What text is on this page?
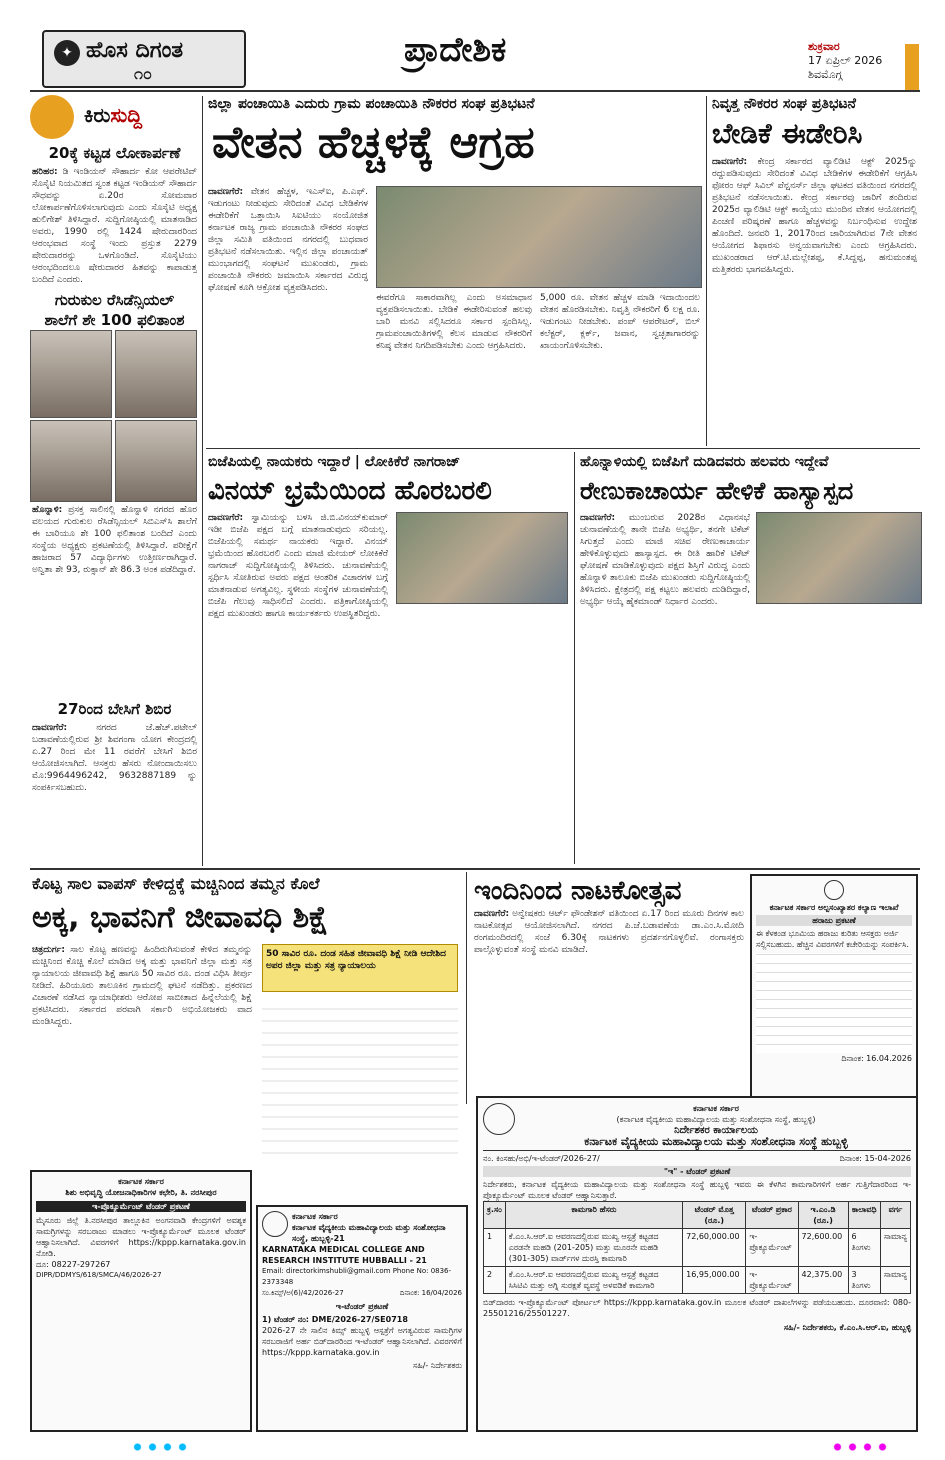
✦ ಹೊಸ ದಿಗಂತ
೧೦
ಪ್ರಾದೇಶಿಕ	ಶುಕ್ರವಾರ
17 ಏಪ್ರಿಲ್ 2026
ಶಿವಮೊಗ್ಗ
ಕಿರುಸುದ್ದಿ
20ಕ್ಕೆ ಕಟ್ಟಡ ಲೋಕಾರ್ಪಣೆ

ಹರಿಹರ: ಡಿ ಇಂಡಿಯನ್ ಸೌಹಾರ್ದ ಕೋ ಆಪರೇಟಿವ್ ಸೊಸೈಟಿ ನಿಯಮಿತದ ಸ್ವಂತ ಕಟ್ಟಡ ಇಂಡಿಯನ್ ಸೌಹಾರ್ದ ಸೌಧವನ್ನು ಏ.20ರ ಸೋಮವಾರ ಲೋಕಾರ್ಪಣೆಗೊಳಿಸಲಾಗುವುದು ಎಂದು ಸೊಸೈಟಿ ಅಧ್ಯಕ್ಷ ಹುಲಿಗೇಶ್ ತಿಳಿಸಿದ್ದಾರೆ. ಸುದ್ದಿಗೋಷ್ಠಿಯಲ್ಲಿ ಮಾತನಾಡಿದ ಅವರು, 1990 ರಲ್ಲಿ 1424 ಷೇರುದಾರರಿಂದ ಆರಂಭವಾದ ಸಂಸ್ಥೆ ಇಂದು ಪ್ರಸ್ತುತ 2279 ಷೇರುದಾರರನ್ನು ಒಳಗೊಂಡಿದೆ. ಸೊಸೈಟಿಯು ಆರಂಭದಿಂದಲೂ ಷೇರುದಾರರ ಹಿತವನ್ನು ಕಾಪಾಡುತ್ತ ಬಂದಿದೆ ಎಂದರು.

ಗುರುಕುಲ ರೆಸಿಡೆನ್ಸಿಯಲ್
ಶಾಲೆಗೆ ಶೇ 100 ಫಲಿತಾಂಶ

ಹೊನ್ನಾಳಿ: ಪ್ರಸಕ್ತ ಸಾಲಿನಲ್ಲಿ ಹೊನ್ನಾಳಿ ನಗರದ ಹೊರ ವಲಯದ ಗುರುಕುಲ ರೆಸಿಡೆನ್ಸಿಯಲ್ ಸಿಬಿಎಸ್‌ಸಿ ಶಾಲೆಗೆ ಈ ಬಾರಿಯೂ ಶೇ 100 ಫಲಿತಾಂಶ ಬಂದಿದೆ ಎಂದು ಸಂಸ್ಥೆಯ ಅಧ್ಯಕ್ಷರು ಪ್ರಕಟಣೆಯಲ್ಲಿ ತಿಳಿಸಿದ್ದಾರೆ. ಪರೀಕ್ಷೆಗೆ ಹಾಜರಾದ 57 ವಿದ್ಯಾರ್ಥಿಗಳು ಉತ್ತೀರ್ಣರಾಗಿದ್ದಾರೆ. ಅನ್ವಿತಾ ಶೇ 93, ರುಕ್ಸಾನ್ ಶೇ 86.3 ಅಂಕ ಪಡೆದಿದ್ದಾರೆ.

27ರಿಂದ ಬೇಸಿಗೆ ಶಿಬಿರ

ದಾವಣಗೆರೆ:	ನಗರದ ಜೆ.ಹೆಚ್.ಪಟೇಲ್ ಬಡಾವಣೆಯಲ್ಲಿರುವ ಶ್ರೀ ಶಿವಗಂಗಾ ಯೋಗ ಕೇಂದ್ರದಲ್ಲಿ ಏ.27 ರಿಂದ ಮೇ 11 ರವರೆಗೆ ಬೇಸಿಗೆ ಶಿಬಿರ ಆಯೋಜಿಸಲಾಗಿದೆ. ಆಸಕ್ತರು ಹೆಸರು ನೋಂದಾಯಿಸಲು ಮೊ:9964496242, 9632887189 ನ್ನು ಸಂಪರ್ಕಿಸಬಹುದು.

ಜಿಲ್ಲಾ ಪಂಚಾಯಿತಿ ಎದುರು ಗ್ರಾಮ ಪಂಚಾಯಿತಿ ನೌಕರರ ಸಂಘ ಪ್ರತಿಭಟನೆ
ವೇತನ ಹೆಚ್ಚಳಕ್ಕೆ ಆಗ್ರಹ

ದಾವಣಗೆರೆ: ವೇತನ ಹೆಚ್ಚಳ, ಇಎಸ್‌ಐ, ಪಿ.ಎಫ್. ಇಡುಗಂಟು ನೀಡುವುದು ಸೇರಿದಂತೆ ವಿವಿಧ ಬೇಡಿಕೆಗಳ ಈಡೇರಿಕೆಗೆ ಒತ್ತಾಯಿಸಿ ಸಿಐಟಿಯು ಸಂಯೋಜಿತ ಕರ್ನಾಟಕ ರಾಜ್ಯ ಗ್ರಾಮ ಪಂಚಾಯಿತಿ ನೌಕರರ ಸಂಘದ ಜಿಲ್ಲಾ ಸಮಿತಿ ವತಿಯಿಂದ ನಗರದಲ್ಲಿ ಬುಧವಾರ ಪ್ರತಿಭಟನೆ ನಡೆಸಲಾಯಿತು. ಇಲ್ಲಿನ ಜಿಲ್ಲಾ ಪಂಚಾಯತ್ ಮುಂಭಾಗದಲ್ಲಿ ಸಂಘಟನೆ ಮುಖಂಡರು, ಗ್ರಾಮ ಪಂಚಾಯಿತಿ ನೌಕರರು ಜಮಾಯಿಸಿ ಸರ್ಕಾರದ ವಿರುದ್ಧ ಘೋಷಣೆ ಕೂಗಿ ಆಕ್ರೋಶ ವ್ಯಕ್ತಪಡಿಸಿದರು.

ಈವರೆಗೂ ಸಾಕಾರವಾಗಿಲ್ಲ ಎಂದು ಅಸಮಾಧಾನ ವ್ಯಕ್ತಪಡಿಸಲಾಯಿತು. ಬೇಡಿಕೆ ಈಡೇರಿಸುವಂತೆ ಹಲವು ಬಾರಿ ಮನವಿ ಸಲ್ಲಿಸಿದರೂ ಸರ್ಕಾರ ಸ್ಪಂದಿಸಿಲ್ಲ. ಗ್ರಾಮಪಂಚಾಯಿತಿಗಳಲ್ಲಿ ಕೆಲಸ ಮಾಡುವ ನೌಕರರಿಗೆ ಕನಿಷ್ಠ ವೇತನ ನಿಗದಿಪಡಿಸಬೇಕು ಎಂದು ಆಗ್ರಹಿಸಿದರು.

5,000 ರೂ. ವೇತನ ಹೆಚ್ಚಳ ಮಾಡಿ ಇದಾಯಿಂದಲ ವೇತನ ಹೊರಡಿಸಬೇಕು. ನಿವೃತ್ತಿ ನೌಕರರಿಗೆ 6 ಲಕ್ಷ ರೂ. ಇಡುಗಂಟು ನೀಡಬೇಕು. ಪಂಪ್ ಆಪರೇಟರ್, ಬಿಲ್ ಕಲೆಕ್ಟರ್, ಕ್ಲರ್ಕ್, ಜವಾನ, ಸ್ವಚ್ಛತಾಗಾರರನ್ನು ಖಾಯಂಗೊಳಿಸಬೇಕು.

ನಿವೃತ್ತ ನೌಕರರ ಸಂಘ ಪ್ರತಿಭಟನೆ
ಬೇಡಿಕೆ ಈಡೇರಿಸಿ

ದಾವಣಗೆರೆ: ಕೇಂದ್ರ ಸರ್ಕಾರದ ವ್ಯಾಲಿಡಿಟಿ ಆಕ್ಟ್ 2025ನ್ನು ರದ್ದುಪಡಿಸುವುದು ಸೇರಿದಂತೆ ವಿವಿಧ ಬೇಡಿಕೆಗಳ ಈಡೇರಿಕೆಗೆ ಆಗ್ರಹಿಸಿ ಫೋರಂ ಆಫ್ ಸಿವಿಲ್ ಪೆನ್ಷನರ್ಸ್ ಜಿಲ್ಲಾ ಘಟಕದ ವತಿಯಿಂದ ನಗರದಲ್ಲಿ ಪ್ರತಿಭಟನೆ ನಡೆಸಲಾಯಿತು. ಕೇಂದ್ರ ಸರ್ಕಾರವು ಜಾರಿಗೆ ತಂದಿರುವ 2025ರ ವ್ಯಾಲಿಡಿಟಿ ಆಕ್ಟ್ ಕಾಯ್ದೆಯು ಮುಂದಿನ ವೇತನ ಆಯೋಗದಲ್ಲಿ ಪಿಂಚಣಿ ಪರಿಷ್ಕರಣೆ ಹಾಗೂ ಹೆಚ್ಚಳವನ್ನು ನಿರ್ಬಂಧಿಸುವ ಉದ್ದೇಶ ಹೊಂದಿದೆ. ಜನವರಿ 1, 2017ರಿಂದ ಜಾರಿಯಾಗಿರುವ 7ನೇ ವೇತನ ಆಯೋಗದ ಶಿಫಾರಸು ಅನ್ವಯವಾಗಬೇಕು ಎಂದು ಆಗ್ರಹಿಸಿದರು. ಮುಖಂಡರಾದ ಆರ್.ಟಿ.ಮಲ್ಲೇಶಪ್ಪ, ಕೆ.ಸಿದ್ದಪ್ಪ, ಹನುಮಂತಪ್ಪ ಮತ್ತಿತರರು ಭಾಗವಹಿಸಿದ್ದರು.

ಬಿಜೆಪಿಯಲ್ಲಿ ನಾಯಕರು ಇದ್ದಾರೆ | ಲೋಕಿಕೆರೆ ನಾಗರಾಜ್
ವಿನಯ್ ಭ್ರಮೆಯಿಂದ ಹೊರಬರಲಿ

ದಾವಣಗೆರೆ: ಸ್ವಾಮಿಯನ್ನು ಬಳಸಿ ಜಿ.ಬಿ.ವಿನಯ್‌ಕುಮಾರ್ ಇಡೀ ಬಿಜೆಪಿ ಪಕ್ಷದ ಬಗ್ಗೆ ಮಾತನಾಡುವುದು ಸರಿಯಲ್ಲ. ಬಿಜೆಪಿಯಲ್ಲಿ ಸಮರ್ಥ ನಾಯಕರು ಇದ್ದಾರೆ. ವಿನಯ್ ಭ್ರಮೆಯಿಂದ ಹೊರಬರಲಿ ಎಂದು ಮಾಜಿ ಮೇಯರ್ ಲೋಕಿಕೆರೆ ನಾಗರಾಜ್ ಸುದ್ದಿಗೋಷ್ಠಿಯಲ್ಲಿ ತಿಳಿಸಿದರು. ಚುನಾವಣೆಯಲ್ಲಿ ಸ್ಪರ್ಧಿಸಿ ಸೋತಿರುವ ಅವರು ಪಕ್ಷದ ಆಂತರಿಕ ವಿಚಾರಗಳ ಬಗ್ಗೆ ಮಾತನಾಡುವ ಅಗತ್ಯವಿಲ್ಲ. ಸ್ಥಳೀಯ ಸಂಸ್ಥೆಗಳ ಚುನಾವಣೆಯಲ್ಲಿ ಬಿಜೆಪಿ ಗೆಲುವು ಸಾಧಿಸಲಿದೆ ಎಂದರು. ಪತ್ರಿಕಾಗೋಷ್ಠಿಯಲ್ಲಿ ಪಕ್ಷದ ಮುಖಂಡರು ಹಾಗೂ ಕಾರ್ಯಕರ್ತರು ಉಪಸ್ಥಿತರಿದ್ದರು.

ಹೊನ್ನಾಳಿಯಲ್ಲಿ ಬಿಜೆಪಿಗೆ ದುಡಿದವರು ಹಲವರು ಇದ್ದೇವೆ
ರೇಣುಕಾಚಾರ್ಯ ಹೇಳಿಕೆ ಹಾಸ್ಯಾಸ್ಪದ

ದಾವಣಗೆರೆ: ಮುಂಬರುವ 2028ರ ವಿಧಾನಸಭೆ ಚುನಾವಣೆಯಲ್ಲಿ ತಾನೇ ಬಿಜೆಪಿ ಅಭ್ಯರ್ಥಿ, ತನಗೇ ಟಿಕೆಟ್ ಸಿಗುತ್ತದೆ ಎಂದು ಮಾಜಿ ಸಚಿವ ರೇಣುಕಾಚಾರ್ಯ ಹೇಳಿಕೊಳ್ಳುವುದು ಹಾಸ್ಯಾಸ್ಪದ. ಈ ರೀತಿ ಹಾರಿಕೆ ಟಿಕೆಟ್ ಘೋಷಣೆ ಮಾಡಿಕೊಳ್ಳುವುದು ಪಕ್ಷದ ಶಿಸ್ತಿಗೆ ವಿರುದ್ಧ ಎಂದು ಹೊನ್ನಾಳಿ ತಾಲೂಕು ಬಿಜೆಪಿ ಮುಖಂಡರು ಸುದ್ದಿಗೋಷ್ಠಿಯಲ್ಲಿ ತಿಳಿಸಿದರು. ಕ್ಷೇತ್ರದಲ್ಲಿ ಪಕ್ಷ ಕಟ್ಟಲು ಹಲವರು ದುಡಿದಿದ್ದಾರೆ, ಅಭ್ಯರ್ಥಿ ಆಯ್ಕೆ ಹೈಕಮಾಂಡ್ ನಿರ್ಧಾರ ಎಂದರು.

ಕೊಟ್ಟ ಸಾಲ ವಾಪಸ್ ಕೇಳಿದ್ದಕ್ಕೆ ಮಚ್ಚಿನಿಂದ ತಮ್ಮನ ಕೊಲೆ
ಅಕ್ಕ, ಭಾವನಿಗೆ ಜೀವಾವಧಿ ಶಿಕ್ಷೆ

ಚಿತ್ರದುರ್ಗ: ಸಾಲ ಕೊಟ್ಟ ಹಣವನ್ನು ಹಿಂದಿರುಗಿಸುವಂತೆ ಕೇಳಿದ ತಮ್ಮನನ್ನು ಮಚ್ಚಿನಿಂದ ಕೊಚ್ಚಿ ಕೊಲೆ ಮಾಡಿದ ಅಕ್ಕ ಮತ್ತು ಭಾವನಿಗೆ ಜಿಲ್ಲಾ ಮತ್ತು ಸತ್ರ ನ್ಯಾಯಾಲಯ ಜೀವಾವಧಿ ಶಿಕ್ಷೆ ಹಾಗೂ 50 ಸಾವಿರ ರೂ. ದಂಡ ವಿಧಿಸಿ ತೀರ್ಪು ನೀಡಿದೆ. ಹಿರಿಯೂರು ತಾಲೂಕಿನ ಗ್ರಾಮದಲ್ಲಿ ಘಟನೆ ನಡೆದಿತ್ತು. ಪ್ರಕರಣದ ವಿಚಾರಣೆ ನಡೆಸಿದ ನ್ಯಾಯಾಧೀಶರು ಆರೋಪ ಸಾಬೀತಾದ ಹಿನ್ನೆಲೆಯಲ್ಲಿ ಶಿಕ್ಷೆ ಪ್ರಕಟಿಸಿದರು. ಸರ್ಕಾರದ ಪರವಾಗಿ ಸರ್ಕಾರಿ ಅಭಿಯೋಜಕರು ವಾದ ಮಂಡಿಸಿದ್ದರು.

50 ಸಾವಿರ ರೂ. ದಂಡ ಸಹಿತ ಜೀವಾವಧಿ ಶಿಕ್ಷೆ ನೀಡಿ ಆದೇಶಿದ ಅಪರ ಜಿಲ್ಲಾ ಮತ್ತು ಸತ್ರ ನ್ಯಾಯಾಲಯ
ಇಂದಿನಿಂದ ನಾಟಕೋತ್ಸವ

ದಾವಣಗೆರೆ: ಅನ್ವೇಷಕರು ಆರ್ಟ್ ಫೌಂಡೇಶನ್ ವತಿಯಿಂದ ಏ.17 ರಿಂದ ಮೂರು ದಿನಗಳ ಕಾಲ ನಾಟಕೋತ್ಸವ ಆಯೋಜಿಸಲಾಗಿದೆ. ನಗರದ ಪಿ.ಜೆ.ಬಡಾವಣೆಯ ಡಾ.ಎಂ.ಸಿ.ಮೋದಿ ರಂಗಮಂದಿರದಲ್ಲಿ ಸಂಜೆ 6.30ಕ್ಕೆ ನಾಟಕಗಳು ಪ್ರದರ್ಶನಗೊಳ್ಳಲಿವೆ. ರಂಗಾಸಕ್ತರು ಪಾಲ್ಗೊಳ್ಳುವಂತೆ ಸಂಸ್ಥೆ ಮನವಿ ಮಾಡಿದೆ.

ಕರ್ನಾಟಕ ಸರ್ಕಾರ ಅಲ್ಪಸಂಖ್ಯಾತರ ಕಲ್ಯಾಣ ಇಲಾಖೆ
ಹರಾಜು ಪ್ರಕಟಣೆ
ಈ ಕೆಳಕಂಡ ಭೂಮಿಯ ಹರಾಜು ಕುರಿತು ಆಸಕ್ತರು ಅರ್ಜಿ ಸಲ್ಲಿಸಬಹುದು. ಹೆಚ್ಚಿನ ವಿವರಗಳಿಗೆ ಕಚೇರಿಯನ್ನು ಸಂಪರ್ಕಿಸಿ.
ದಿನಾಂಕ: 16.04.2026
ಕರ್ನಾಟಕ ಸರ್ಕಾರ
ಶಿಶು ಅಭಿವೃದ್ಧಿ ಯೋಜನಾಧಿಕಾರಿಗಳ ಕಛೇರಿ, ತಿ. ನರಸೀಪುರ
ಇ-ಪ್ರೊಕ್ಯೂರ್ಮೆಂಟ್ ಟೆಂಡರ್ ಪ್ರಕಟಣೆ
ಮೈಸೂರು ಜಿಲ್ಲೆ ತಿ.ನರಸೀಪುರ ತಾಲ್ಲೂಕಿನ ಅಂಗನವಾಡಿ ಕೇಂದ್ರಗಳಿಗೆ ಅವಶ್ಯಕ ಸಾಮಗ್ರಿಗಳನ್ನು ಸರಬರಾಜು ಮಾಡಲು ಇ-ಪ್ರೊಕ್ಯೂರ್ಮೆಂಟ್ ಮೂಲಕ ಟೆಂಡರ್ ಆಹ್ವಾನಿಸಲಾಗಿದೆ. ವಿವರಗಳಿಗೆ https://kppp.karnataka.gov.in ನೋಡಿ.
ದೂ: 08227-297267
DIPR/DDMYS/618/SMCA/46/2026-27
ಕರ್ನಾಟಕ ಸರ್ಕಾರ
ಕರ್ನಾಟಕ ವೈದ್ಯಕೀಯ ಮಹಾವಿದ್ಯಾಲಯ ಮತ್ತು ಸಂಶೋಧನಾ ಸಂಸ್ಥೆ, ಹುಬ್ಬಳ್ಳಿ-21
KARNATAKA MEDICAL COLLEGE AND RESEARCH INSTITUTE HUBBALLI - 21
Email: directorkimshubli@gmail.com Phone No: 0836-2373348
ಸಂ.ಕಿಮ್ಸ್/ಅ(6)/42/2026-27	ದಿನಾಂಕ: 16/04/2026
ಇ-ಟೆಂಡರ್ ಪ್ರಕಟಣೆ
1) ಟೆಂಡರ್ ನಂ: DME/2026-27/SE0718
2026-27 ನೇ ಸಾಲಿನ ಕಿಮ್ಸ್ ಹುಬ್ಬಳ್ಳಿ ಆಸ್ಪತ್ರೆಗೆ ಅಗತ್ಯವಿರುವ ಸಾಮಗ್ರಿಗಳ ಸರಬರಾಜಿಗೆ ಅರ್ಹ ಬಿಡ್‌ದಾರರಿಂದ ಇ-ಟೆಂಡರ್ ಆಹ್ವಾನಿಸಲಾಗಿದೆ. ವಿವರಗಳಿಗೆ https://kppp.karnataka.gov.in
ಸಹಿ/- ನಿರ್ದೇಶಕರು
ಕರ್ನಾಟಕ ಸರ್ಕಾರ
(ಕರ್ನಾಟಕ ವೈದ್ಯಕೀಯ ಮಹಾವಿದ್ಯಾಲಯ ಮತ್ತು ಸಂಶೋಧನಾ ಸಂಸ್ಥೆ, ಹುಬ್ಬಳ್ಳಿ)
ನಿರ್ದೇಶಕರ ಕಾರ್ಯಾಲಯ
ಕರ್ನಾಟಕ ವೈದ್ಯಕೀಯ ಮಹಾವಿದ್ಯಾಲಯ ಮತ್ತು ಸಂಶೋಧನಾ ಸಂಸ್ಥೆ ಹುಬ್ಬಳ್ಳಿ
ನಂ. ಕಿಂಸಹು/ಅಭಿ/ಇ-ಟೆಂಡರ್/2026-27/	ದಿನಾಂಕ: 15-04-2026
"ಇ" - ಟೆಂಡರ್ ಪ್ರಕಟಣೆ
ನಿರ್ದೇಶಕರು, ಕರ್ನಾಟಕ ವೈದ್ಯಕೀಯ ಮಹಾವಿದ್ಯಾಲಯ ಮತ್ತು ಸಂಶೋಧನಾ ಸಂಸ್ಥೆ ಹುಬ್ಬಳ್ಳಿ ಇವರು ಈ ಕೆಳಗಿನ ಕಾಮಗಾರಿಗಳಿಗೆ ಅರ್ಹ ಗುತ್ತಿಗೆದಾರರಿಂದ ಇ-ಪ್ರೊಕ್ಯೂರ್ಮೆಂಟ್ ಮೂಲಕ ಟೆಂಡರ್ ಆಹ್ವಾನಿಸುತ್ತಾರೆ.
ಕ್ರ.ಸಂ	ಕಾಮಗಾರಿ ಹೆಸರು	ಟೆಂಡರ್ ಮೊತ್ತ (ರೂ.)	ಟೆಂಡರ್ ಪ್ರಕಾರ	ಇ.ಎಂ.ಡಿ (ರೂ.)	ಕಾಲಾವಧಿ	ವರ್ಗ
1	ಕೆ.ಎಂ.ಸಿ.ಆರ್.ಐ ಆವರಣದಲ್ಲಿರುವ ಮುಖ್ಯ ಆಸ್ಪತ್ರೆ ಕಟ್ಟಡದ ಎರಡನೇ ಮಹಡಿ (201-205) ಮತ್ತು ಮೂರನೇ ಮಹಡಿ (301-305) ವಾರ್ಡ್‌ಗಳ ದುರಸ್ತಿ ಕಾಮಗಾರಿ	72,60,000.00	ಇ-ಪ್ರೊಕ್ಯೂರ್ಮೆಂಟ್	72,600.00	6 ತಿಂಗಳು	ಸಾಮಾನ್ಯ
2	ಕೆ.ಎಂ.ಸಿ.ಆರ್.ಐ ಆವರಣದಲ್ಲಿರುವ ಮುಖ್ಯ ಆಸ್ಪತ್ರೆ ಕಟ್ಟಡದ ಸಿಸಿಟಿವಿ ಮತ್ತು ಅಗ್ನಿ ಸುರಕ್ಷತೆ ವ್ಯವಸ್ಥೆ ಅಳವಡಿಕೆ ಕಾಮಗಾರಿ	16,95,000.00	ಇ-ಪ್ರೊಕ್ಯೂರ್ಮೆಂಟ್	42,375.00	3 ತಿಂಗಳು	ಸಾಮಾನ್ಯ
ಬಿಡ್‌ದಾರರು ಇ-ಪ್ರೊಕ್ಯೂರ್ಮೆಂಟ್ ಪೋರ್ಟಲ್ https://kppp.karnataka.gov.in ಮೂಲಕ ಟೆಂಡರ್ ದಾಖಲೆಗಳನ್ನು ಪಡೆಯಬಹುದು. ದೂರವಾಣಿ: 080-25501216/25501227.
ಸಹಿ/- ನಿರ್ದೇಶಕರು, ಕೆ.ಎಂ.ಸಿ.ಆರ್.ಐ, ಹುಬ್ಬಳ್ಳಿ
